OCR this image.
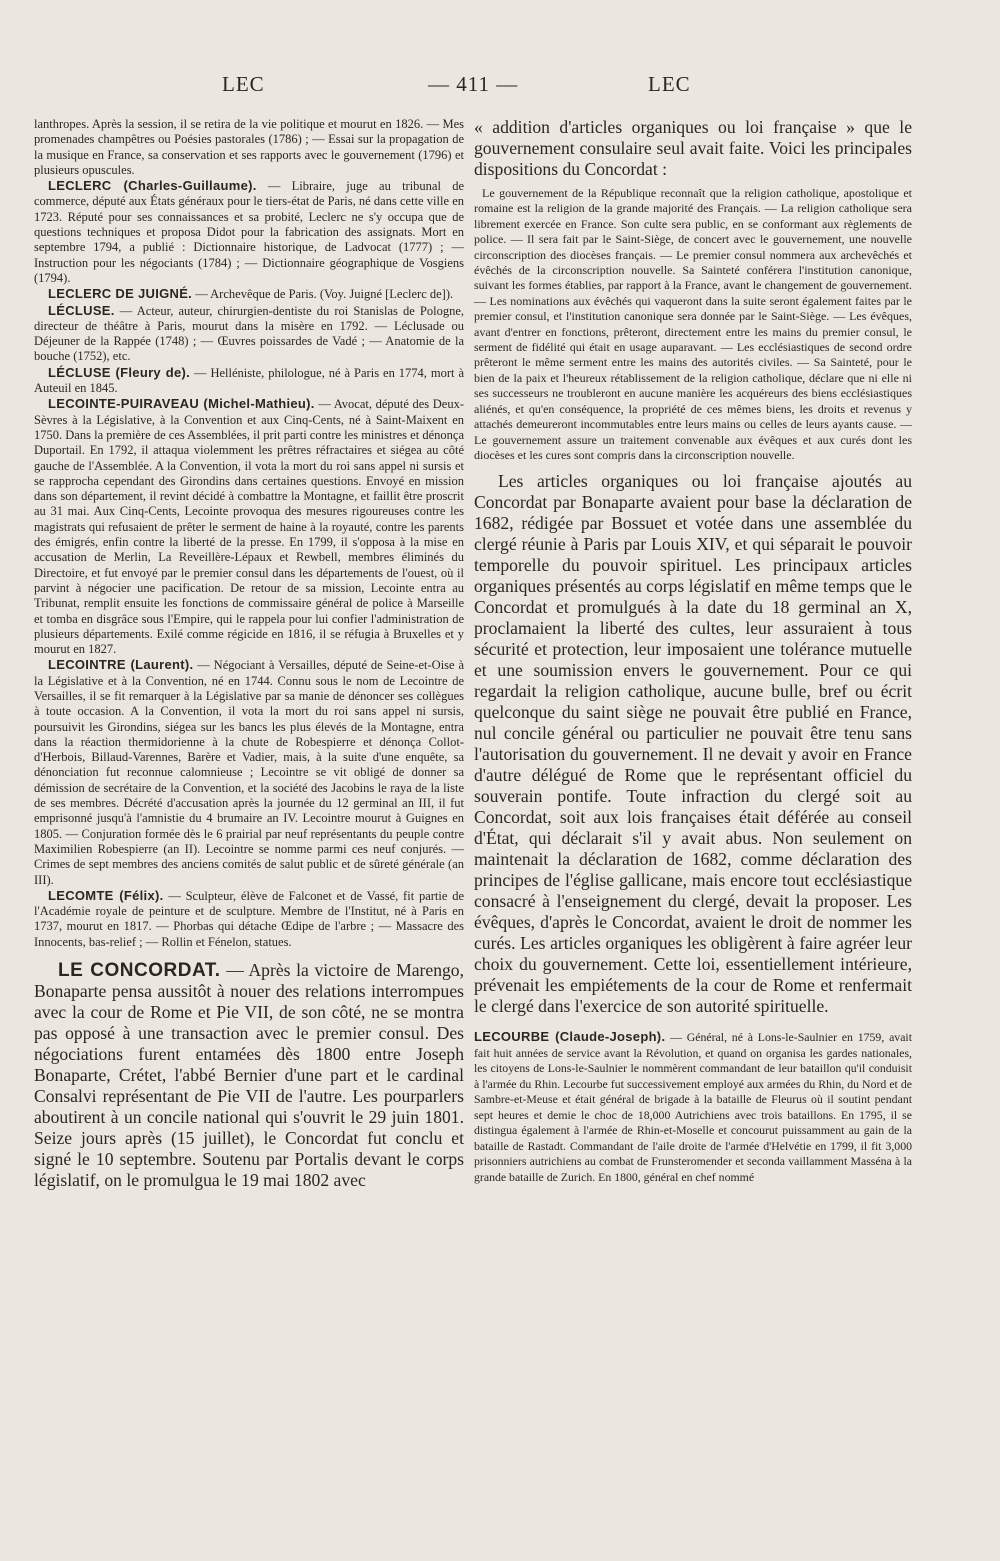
LEC	— 411 —	LEC

lanthropes. Après la session, il se retira de la vie politique et mourut en 1826. — Mes promenades champêtres ou Poésies pastorales (1786) ; — Essai sur la propagation de la musique en France, sa conservation et ses rapports avec le gouvernement (1796) et plusieurs opuscules.

LECLERC (Charles-Guillaume). — Libraire, juge au tribunal de commerce, député aux États généraux pour le tiers-état de Paris, né dans cette ville en 1723. Réputé pour ses connaissances et sa probité, Leclerc ne s'y occupa que de questions techniques et proposa Didot pour la fabrication des assignats. Mort en septembre 1794, a publié : Dictionnaire historique, de Ladvocat (1777) ; — Instruction pour les négociants (1784) ; — Dictionnaire géographique de Vosgiens (1794).

LECLERC DE JUIGNÉ. — Archevêque de Paris. (Voy. Juigné [Leclerc de]).

LÉCLUSE. — Acteur, auteur, chirurgien-dentiste du roi Stanislas de Pologne, directeur de théâtre à Paris, mourut dans la misère en 1792. — Léclusade ou Déjeuner de la Rappée (1748) ; — Œuvres poissardes de Vadé ; — Anatomie de la bouche (1752), etc.

LÉCLUSE (Fleury de). — Helléniste, philologue, né à Paris en 1774, mort à Auteuil en 1845.

LECOINTE-PUIRAVEAU (Michel-Mathieu). — Avocat, député des Deux-Sèvres à la Législative, à la Convention et aux Cinq-Cents, né à Saint-Maixent en 1750. Dans la première de ces Assemblées, il prit parti contre les ministres et dénonça Duportail. En 1792, il attaqua violemment les prêtres réfractaires et siégea au côté gauche de l'Assemblée. A la Convention, il vota la mort du roi sans appel ni sursis et se rapprocha cependant des Girondins dans certaines questions. Envoyé en mission dans son département, il revint décidé à combattre la Montagne, et faillit être proscrit au 31 mai. Aux Cinq-Cents, Lecointe provoqua des mesures rigoureuses contre les magistrats qui refusaient de prêter le serment de haine à la royauté, contre les parents des émigrés, enfin contre la liberté de la presse. En 1799, il s'opposa à la mise en accusation de Merlin, La Reveillère-Lépaux et Rewbell, membres éliminés du Directoire, et fut envoyé par le premier consul dans les départements de l'ouest, où il parvint à négocier une pacification. De retour de sa mission, Lecointe entra au Tribunat, remplit ensuite les fonctions de commissaire général de police à Marseille et tomba en disgrâce sous l'Empire, qui le rappela pour lui confier l'administration de plusieurs départements. Exilé comme régicide en 1816, il se réfugia à Bruxelles et y mourut en 1827.

LECOINTRE (Laurent). — Négociant à Versailles, député de Seine-et-Oise à la Législative et à la Convention, né en 1744. Connu sous le nom de Lecointre de Versailles, il se fit remarquer à la Législative par sa manie de dénoncer ses collègues à toute occasion. A la Convention, il vota la mort du roi sans appel ni sursis, poursuivit les Girondins, siégea sur les bancs les plus élevés de la Montagne, entra dans la réaction thermidorienne à la chute de Robespierre et dénonça Collot-d'Herbois, Billaud-Varennes, Barère et Vadier, mais, à la suite d'une enquête, sa dénonciation fut reconnue calomnieuse ; Lecointre se vit obligé de donner sa démission de secrétaire de la Convention, et la société des Jacobins le raya de la liste de ses membres. Décrété d'accusation après la journée du 12 germinal an III, il fut emprisonné jusqu'à l'amnistie du 4 brumaire an IV. Lecointre mourut à Guignes en 1805. — Conjuration formée dès le 6 prairial par neuf représentants du peuple contre Maximilien Robespierre (an II). Lecointre se nomme parmi ces neuf conjurés. — Crimes de sept membres des anciens comités de salut public et de sûreté générale (an III).

LECOMTE (Félix). — Sculpteur, élève de Falconet et de Vassé, fit partie de l'Académie royale de peinture et de sculpture. Membre de l'Institut, né à Paris en 1737, mourut en 1817. — Phorbas qui détache Œdipe de l'arbre ; — Massacre des Innocents, bas-relief ; — Rollin et Fénelon, statues.

LE CONCORDAT. — Après la victoire de Marengo, Bonaparte pensa aussitôt à nouer des relations interrompues avec la cour de Rome et Pie VII, de son côté, ne se montra pas opposé à une transaction avec le premier consul. Des négociations furent entamées dès 1800 entre Joseph Bonaparte, Crétet, l'abbé Bernier d'une part et le cardinal Consalvi représentant de Pie VII de l'autre. Les pourparlers aboutirent à un concile national qui s'ouvrit le 29 juin 1801. Seize jours après (15 juillet), le Concordat fut conclu et signé le 10 septembre. Soutenu par Portalis devant le corps législatif, on le promulgua le 19 mai 1802 avec

« addition d'articles organiques ou loi française » que le gouvernement consulaire seul avait faite. Voici les principales dispositions du Concordat :

Le gouvernement de la République reconnaît que la religion catholique, apostolique et romaine est la religion de la grande majorité des Français. — La religion catholique sera librement exercée en France. Son culte sera public, en se conformant aux règlements de police. — Il sera fait par le Saint-Siège, de concert avec le gouvernement, une nouvelle circonscription des diocèses français. — Le premier consul nommera aux archevêchés et évêchés de la circonscription nouvelle. Sa Sainteté conférera l'institution canonique, suivant les formes établies, par rapport à la France, avant le changement de gouvernement. — Les nominations aux évêchés qui vaqueront dans la suite seront également faites par le premier consul, et l'institution canonique sera donnée par le Saint-Siège. — Les évêques, avant d'entrer en fonctions, prêteront, directement entre les mains du premier consul, le serment de fidélité qui était en usage auparavant. — Les ecclésiastiques de second ordre prêteront le même serment entre les mains des autorités civiles. — Sa Sainteté, pour le bien de la paix et l'heureux rétablissement de la religion catholique, déclare que ni elle ni ses successeurs ne troubleront en aucune manière les acquéreurs des biens ecclésiastiques aliénés, et qu'en conséquence, la propriété de ces mêmes biens, les droits et revenus y attachés demeureront incommutables entre leurs mains ou celles de leurs ayants cause. — Le gouvernement assure un traitement convenable aux évêques et aux curés dont les diocèses et les cures sont compris dans la circonscription nouvelle.

Les articles organiques ou loi française ajoutés au Concordat par Bonaparte avaient pour base la déclaration de 1682, rédigée par Bossuet et votée dans une assemblée du clergé réunie à Paris par Louis XIV, et qui séparait le pouvoir temporelle du pouvoir spirituel. Les principaux articles organiques présentés au corps législatif en même temps que le Concordat et promulgués à la date du 18 germinal an X, proclamaient la liberté des cultes, leur assuraient à tous sécurité et protection, leur imposaient une tolérance mutuelle et une soumission envers le gouvernement. Pour ce qui regardait la religion catholique, aucune bulle, bref ou écrit quelconque du saint siège ne pouvait être publié en France, nul concile général ou particulier ne pouvait être tenu sans l'autorisation du gouvernement. Il ne devait y avoir en France d'autre délégué de Rome que le représentant officiel du souverain pontife. Toute infraction du clergé soit au Concordat, soit aux lois françaises était déférée au conseil d'État, qui déclarait s'il y avait abus. Non seulement on maintenait la déclaration de 1682, comme déclaration des principes de l'église gallicane, mais encore tout ecclésiastique consacré à l'enseignement du clergé, devait la proposer. Les évêques, d'après le Concordat, avaient le droit de nommer les curés. Les articles organiques les obligèrent à faire agréer leur choix du gouvernement. Cette loi, essentiellement intérieure, prévenait les empiétements de la cour de Rome et renfermait le clergé dans l'exercice de son autorité spirituelle.

LECOURBE (Claude-Joseph). — Général, né à Lons-le-Saulnier en 1759, avait fait huit années de service avant la Révolution, et quand on organisa les gardes nationales, les citoyens de Lons-le-Saulnier le nommèrent commandant de leur bataillon qu'il conduisit à l'armée du Rhin. Lecourbe fut successivement employé aux armées du Rhin, du Nord et de Sambre-et-Meuse et était général de brigade à la bataille de Fleurus où il soutint pendant sept heures et demie le choc de 18,000 Autrichiens avec trois bataillons. En 1795, il se distingua également à l'armée de Rhin-et-Moselle et concourut puissamment au gain de la bataille de Rastadt. Commandant de l'aile droite de l'armée d'Helvétie en 1799, il fit 3,000 prisonniers autrichiens au combat de Frunsteromender et seconda vaillamment Masséna à la grande bataille de Zurich. En 1800, général en chef nommé
